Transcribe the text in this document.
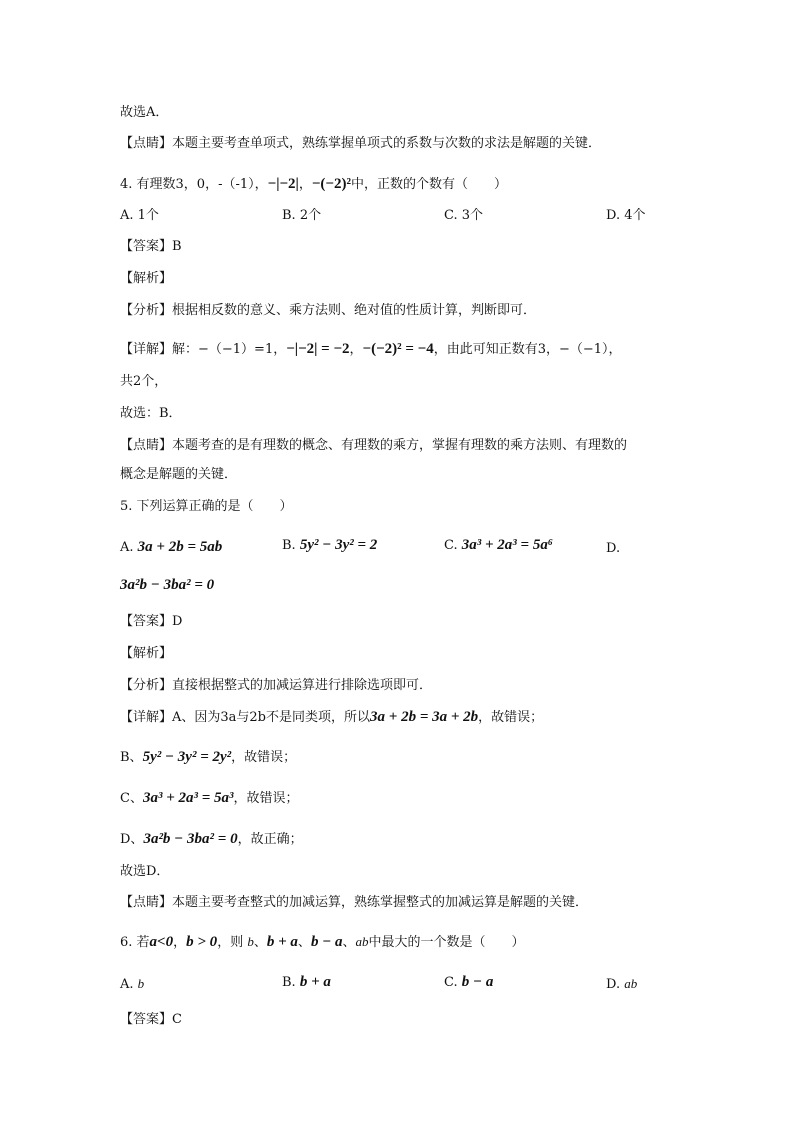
故选A．
【点睛】本题主要考查单项式，熟练掌握单项式的系数与次数的求法是解题的关键．
4. 有理数3，0，-（-1），−|−2|，−(−2)²中，正数的个数有（　　）
A. 1个	B. 2个	C. 3个	D. 4个
【答案】B
【解析】
【分析】根据相反数的意义、乘方法则、绝对值的性质计算，判断即可．
【详解】解：−（−1）=1，−|−2| = −2，−(−2)² = −4，由此可知正数有3，−（−1），
共2个，
故选：B．
【点睛】本题考查的是有理数的概念、有理数的乘方，掌握有理数的乘方法则、有理数的
概念是解题的关键．
5. 下列运算正确的是（　　）
A. 3a + 2b = 5ab	B. 5y² − 3y² = 2	C. 3a³ + 2a³ = 5a⁶	D.
3a²b − 3ba² = 0
【答案】D
【解析】
【分析】直接根据整式的加减运算进行排除选项即可．
【详解】A、因为3a与2b不是同类项，所以3a + 2b = 3a + 2b，故错误；
B、5y² − 3y² = 2y²，故错误；
C、3a³ + 2a³ = 5a³，故错误；
D、3a²b − 3ba² = 0，故正确；
故选D．
【点睛】本题主要考查整式的加减运算，熟练掌握整式的加减运算是解题的关键．
6. 若a<0，b > 0，则 b、b + a、b − a、ab中最大的一个数是（　　）
A. b	B. b + a	C. b − a	D. ab
【答案】C
